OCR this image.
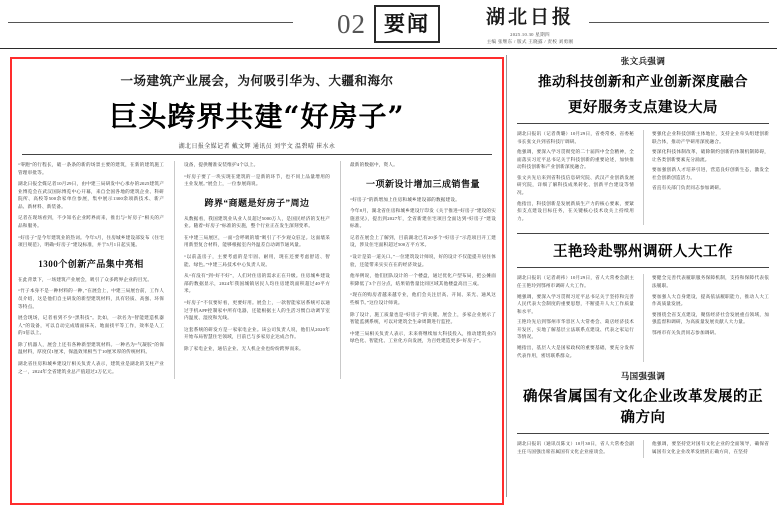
02 要闻	湖北日报
2025.10.30 星期四
主编 张继东 / 版式 王晓露 / 责校 刘勇刚
一场建筑产业展会，为何吸引华为、大疆和海尔
巨头跨界共建“好房子”
湖北日报全媒记者 戴文辉 通讯员 刘宇文 温碧晴 崔水永

“零跑”的行程长，破一条条的新的场景主要的建筑，在新的建筑施工管理审批等。

湖北日报全媒记者10月29日，由中建三局研发中心承办的2025建筑产业博览会在武汉国际博览中心开幕，来自全国各地的建筑企业、科研院所、高校等500余家单位参展，集中展示1300余项新技术、新产品、新材料、新装备。

记者在现场看到，不少知名企业跨界而来，推出与“好房子”相关的产品和服务。

“好房子”是今年建筑业的热词。今年3月，住房城乡建设部发布《住宅项目规范》，明确“好房子”建设标准，并于5月1日起实施。

1300个创新产品集中亮相

在此背景下，一场建筑产业展会，吸引了众多跨界企业的目光。

“竹子本身不是一种材料的一种，”在展会上，中建三局展台前，工作人员介绍，这是他们自主研发的新型建筑材料，具有轻质、高强、环保等特点。

展会现场，记者看到不少“黑科技”。比如，一款名为“智能建造机器人”的设备，可以自动完成墙面抹灰、地面找平等工作，效率是人工的3倍以上。

除了机器人，展会上还有各种新型建筑材料。一种名为“气凝胶”的保温材料，厚度仅1厘米，保温效果相当于10厘米厚的传统材料。

湖北省住房和城乡建设厅相关负责人表示，建筑业是湖北的支柱产业之一，2024年全省建筑业总产值超过2万亿元。

设备，提供精准安装维护4个以上。

“好房子要了一块实现在建筑的一是新的环节，也不同上品量增用的主业发展。”展会上，一位参展商说。

跨界“商题是好房子”周边

从数据看，我国建筑业从业人员超过5000万人，是国民经济的支柱产业。随着“好房子”标准的实施，整个行业正在发生深刻变革。

在中建三局展区，一面“会呼吸的墙”吸引了不少观众驻足。这面墙采用新型复合材料，能够根据室内外温差自动调节通风量。

“以前盖房子，主要考虑的是牢固、耐用，现在还要考虑舒适、智能、绿色。”中建三局技术中心负责人说。

从“有没有”到“好不好”，人们对住房的需求正在升级。住房城乡建设部的数据显示，2024年我国城镇居民人均住房建筑面积超过40平方米。

“好房子”不仅要好看，更要好用。展会上，一款智能家居系统可以通过手机APP控制家中所有电器，还能根据主人的生活习惯自动调节室内温度、湿度和光线。

这套系统的研发方是一家家电企业。该公司负责人说，他们从2020年开始布局智慧住宅领域，目前已与多家房企达成合作。

除了家电企业，通信企业、无人机企业也纷纷跨界而来。

最新的数据中，资人。

一项新设计增加三成销售量

“好房子”的新增加上住房和城乡建设部的数据建设。

今年8月，湖北省住房和城乡建设厅印发《关于推进“好房子”建设的实施意见》，提出到2027年，全省新建住宅项目全面达到“好房子”建设标准。

记者在展会上了解到，目前湖北已有20多个“好房子”示范项目开工建设，涉及住宅面积超过500万平方米。

“设计是第一道关口。”一位建筑设计师说，好的设计不仅能提升居住体验，还能带来实实在在的经济效益。

他举例说，他们团队设计的一个楼盘，通过优化户型布局，把公摊面积降低了3个百分点，结果销售量比同区域其他楼盘高出三成。

“现在的购房者越来越专业，他们会关注层高、开间、采光、通风这些细节。”这位设计师说。

除了设计，施工质量也是“好房子”的关键。展会上，多家企业展示了智能监测系统，可以对建筑全生命周期进行监控。

中建三局相关负责人表示，未来将继续加大科技投入，推动建筑业向绿色化、智能化、工业化方向发展，为百姓建造更多“好房子”。

张文兵强调
推动科技创新和产业创新深度融合
更好服务支点建设大局

湖北日报讯（记者黄璐）10月29日，省委常委、省委秘书长张文兵到省科技厅调研。

他强调，要深入学习贯彻党的二十届四中全会精神，全面落实习近平总书记关于科技创新的重要论述，加快推动科技创新和产业创新深度融合。

张文兵先后来到省科技信息研究院、武汉产业创新发展研究院，详细了解科技成果转化、创新平台建设等情况。

他指出，科技创新是发展新质生产力的核心要素，要紧扣支点建设目标任务，在关键核心技术攻关上持续用力。

要强化企业科技创新主体地位，支持企业牵头组建创新联合体，推动产学研用深度融合。

要深化科技体制改革，破除制约创新的体制机制障碍，让各类创新要素充分涌流。

要加强创新人才培养引进，营造良好创新生态，激发全社会创新创造活力。

省直有关部门负责同志参加调研。

王艳玲赴鄂州调研人大工作

湖北日报讯（记者胡祎）10月29日，省人大常委会副主任王艳玲到鄂州市调研人大工作。

她强调，要深入学习贯彻习近平总书记关于坚持和完善人民代表大会制度的重要思想，不断提升人大工作质量和水平。

王艳玲先后到鄂州市华容区人大常委会、葛店经济技术开发区，实地了解基层立法联系点建设、代表之家运行等情况。

她指出，基层人大是国家政权的重要基础，要充分发挥代表作用，密切联系群众。

要健全完善代表履职服务保障机制，支持和保障代表依法履职。

要加强人大自身建设，提高依法履职能力，推动人大工作高质量发展。

要围绕全省支点建设，聚焦经济社会发展重点领域，加强监督和调研，为高质量发展贡献人大力量。

鄂州市有关负责同志参加调研。

马国强强调
确保省属国有文化企业改革发展的正确方向

湖北日报讯（通讯员陈文）10月30日，省人大常委会副主任马国强出席省属国有文化企业座谈会。

他强调，要坚持党对国有文化企业的全面领导，确保省属国有文化企业改革发展的正确方向，在坚持
